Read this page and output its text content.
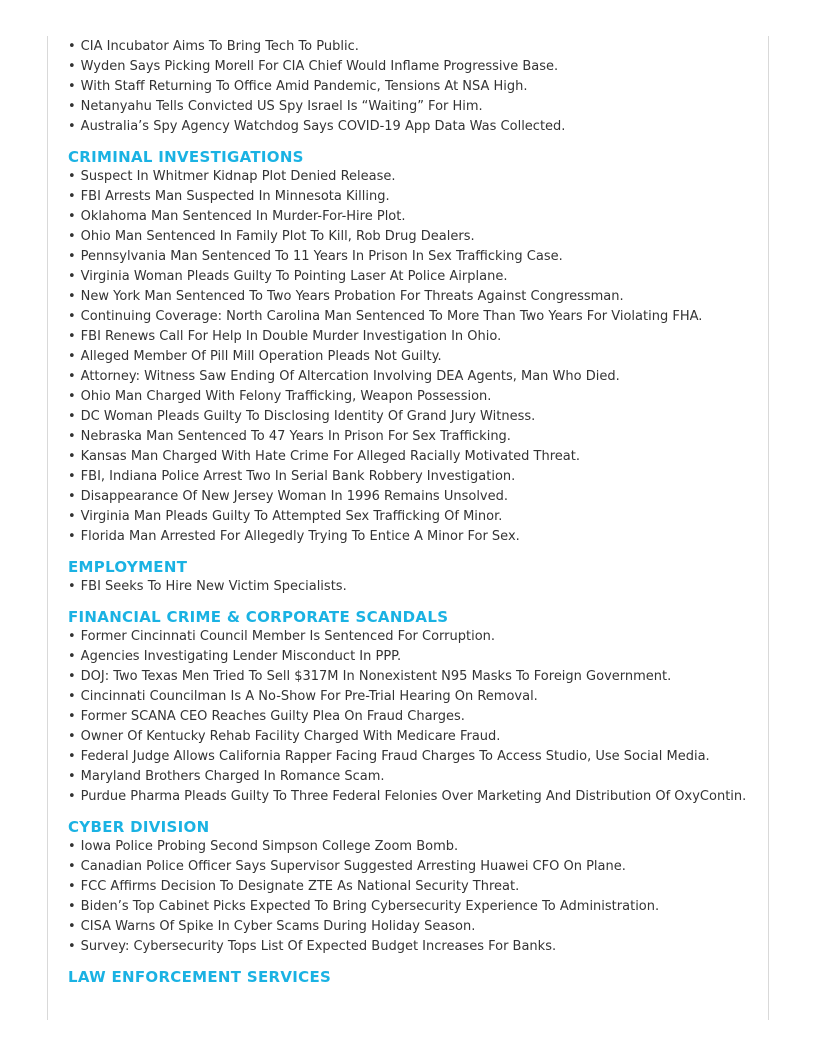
• CIA Incubator Aims To Bring Tech To Public.
• Wyden Says Picking Morell For CIA Chief Would Inflame Progressive Base.
• With Staff Returning To Office Amid Pandemic, Tensions At NSA High.
• Netanyahu Tells Convicted US Spy Israel Is “Waiting” For Him.
• Australia’s Spy Agency Watchdog Says COVID-19 App Data Was Collected.
CRIMINAL INVESTIGATIONS
• Suspect In Whitmer Kidnap Plot Denied Release.
• FBI Arrests Man Suspected In Minnesota Killing.
• Oklahoma Man Sentenced In Murder-For-Hire Plot.
• Ohio Man Sentenced In Family Plot To Kill, Rob Drug Dealers.
• Pennsylvania Man Sentenced To 11 Years In Prison In Sex Trafficking Case.
• Virginia Woman Pleads Guilty To Pointing Laser At Police Airplane.
• New York Man Sentenced To Two Years Probation For Threats Against Congressman.
• Continuing Coverage: North Carolina Man Sentenced To More Than Two Years For Violating FHA.
• FBI Renews Call For Help In Double Murder Investigation In Ohio.
• Alleged Member Of Pill Mill Operation Pleads Not Guilty.
• Attorney: Witness Saw Ending Of Altercation Involving DEA Agents, Man Who Died.
• Ohio Man Charged With Felony Trafficking, Weapon Possession.
• DC Woman Pleads Guilty To Disclosing Identity Of Grand Jury Witness.
• Nebraska Man Sentenced To 47 Years In Prison For Sex Trafficking.
• Kansas Man Charged With Hate Crime For Alleged Racially Motivated Threat.
• FBI, Indiana Police Arrest Two In Serial Bank Robbery Investigation.
• Disappearance Of New Jersey Woman In 1996 Remains Unsolved.
• Virginia Man Pleads Guilty To Attempted Sex Trafficking Of Minor.
• Florida Man Arrested For Allegedly Trying To Entice A Minor For Sex.
EMPLOYMENT
• FBI Seeks To Hire New Victim Specialists.
FINANCIAL CRIME & CORPORATE SCANDALS
• Former Cincinnati Council Member Is Sentenced For Corruption.
• Agencies Investigating Lender Misconduct In PPP.
• DOJ: Two Texas Men Tried To Sell $317M In Nonexistent N95 Masks To Foreign Government.
• Cincinnati Councilman Is A No-Show For Pre-Trial Hearing On Removal.
• Former SCANA CEO Reaches Guilty Plea On Fraud Charges.
• Owner Of Kentucky Rehab Facility Charged With Medicare Fraud.
• Federal Judge Allows California Rapper Facing Fraud Charges To Access Studio, Use Social Media.
• Maryland Brothers Charged In Romance Scam.
• Purdue Pharma Pleads Guilty To Three Federal Felonies Over Marketing And Distribution Of OxyContin.
CYBER DIVISION
• Iowa Police Probing Second Simpson College Zoom Bomb.
• Canadian Police Officer Says Supervisor Suggested Arresting Huawei CFO On Plane.
• FCC Affirms Decision To Designate ZTE As National Security Threat.
• Biden’s Top Cabinet Picks Expected To Bring Cybersecurity Experience To Administration.
• CISA Warns Of Spike In Cyber Scams During Holiday Season.
• Survey: Cybersecurity Tops List Of Expected Budget Increases For Banks.
LAW ENFORCEMENT SERVICES
